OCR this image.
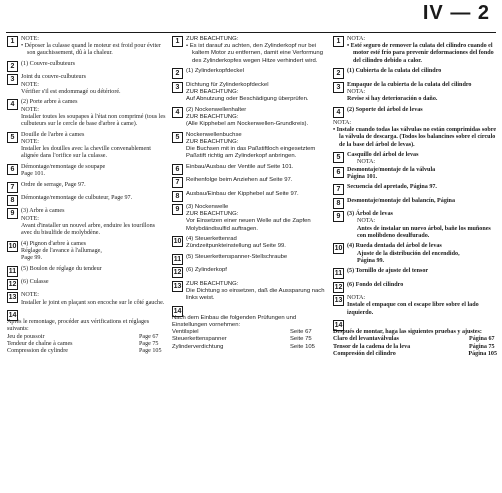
IV — 2
1	NOTE:
• Déposer la culasse quand le moteur est froid pour éviter son gauchissement, dû à la chaleur.
2	(1) Couvre-culbuteurs
3	Joint du couvre-culbuteurs
NOTE:
Vérifier s'il est endommagé ou détérioré.
4	(2) Porte arbre à cames
NOTE:
Installer toutes les soupapes à l'état non comprimé (tous les culbuteurs sur le cercle de base d'arbre à came).
5	Douille de l'arbre à cames
NOTE:
Installer les douilles avec la cheville convenablement alignée dans l'orifice sur la culasse.
6	Démontage/remontage de soupape
Page 101.
7	Ordre de serrage, Page 97.
8	Démontage/remontage de culbuteur, Page 97.
9	(3) Arbre à cames
NOTE:
Avant d'installer un nouvel arbre, enduire les tourillons avec du bisulfide de molybdène.
10 (4) Pignon d'arbre à cames
Réglage de l'avance à l'allumage,
Page 99.
11 (5) Boulon de réglage du tendeur
12 (6) Culasse
13 NOTE:
Installer le joint en plaçant son encoche sur le côté gauche.
14
Après le remontage, procéder aux vérifications et réglages suivants:
Jeu de poussoir	Page 67
Tendeur de chaîne à cames	Page 75
Compression de cylindre	Page 105
1	ZUR BEACHTUNG:
• Es ist darauf zu achten, den Zylinderkopf nur bei kaltem Motor zu entfernen, damit eine Verformung des Zylinderkopfes wegen Hitze verhindert wird.
2	(1) Zylinderkopfdeckel
3	Dichtung für Zylinderkopfdeckel
ZUR BEACHTUNG:
Auf Abnutzung oder Beschädigung überprüfen.
4	(2) Nockenwellenhalter
ZUR BEACHTUNG:
(Alle Kipphebel am Nockenwellen-Grundkreis).
5	Nockenwellenbuchse
ZUR BEACHTUNG:
Die Buchsen mit in das Paßstiftloch eingesetztem Paßstift richtig am Zylinderkopf anbringen.
6	Einbau/Ausbau der Ventile auf Seite 101.
7	Reihenfolge beim Anziehen auf Seite 97.
8	Ausbau/Einbau der Kipphebel auf Seite 97.
9	(3) Nockenwelle
ZUR BEACHTUNG:
Vor Einsetzen einer neuen Welle auf die Zapfen Molybdändisulfid auftragen.
10 (4) Steuerkettenrad
Zündzeitpunkteinstellung auf Seite 99.
11 (5) Steuerkettenspanner-Stellschraube
12 (6) Zylinderkopf
13 ZUR BEACHTUNG:
Die Dichtung so einsetzen, daß die Aussparung nach links weist.
14
Nach dem Einbau die folgenden Prüfungen und Einstellungen vornehmen:
Ventilspiel	Seite 67
Steuerkettenspanner	Seite 75
Zylinderverdichtung	Seite 105
1	NOTA:
• Esté seguro de remover la culata del cilindro cuando el motor esté frío para prevenir deformaciones del fondo del cilindro debido a calor.
2	(1) Cubierta de la culata del cilindro
3	Empaque de la cubierta de la culata del cilindro
NOTA:
Revise si hay deterioración o daño.
4	(2) Soporte del árbol de levas
NOTA:
• Instale cuando todas las válvulas no están comprimidas sobre la válvula de descarga. (Todos los balancines sobre el círculo de la base del árbol de levas).
5	Casquillo del árbol de levas
NOTA:
6	Desmontaje/montaje de la válvula
Página 101.
7	Secuencia del apretado, Página 97.
8	Desmontaje/montaje del balancín, Página
9	(3) Árbol de levas
NOTA:
Antes de instalar un nuevo árbol, bañe los muñones con molibdeno desulfurado.
10 (4) Rueda dentada del árbol de levas
Ajuste de la distribución del encendido,
Página 99.
11 (5) Tornillo de ajuste del tensor
12 (6) Fondo del cilindro
13 NOTA:
Instale el empaque con el escape libre sobre el lado izquierdo.
14
Después de montar, haga las siguientes pruebas y ajustes:
Claro del levantaválvulas	Página 67
Tensor de la cadena de la leva	Página 75
Compresión del cilindro	Página 105
